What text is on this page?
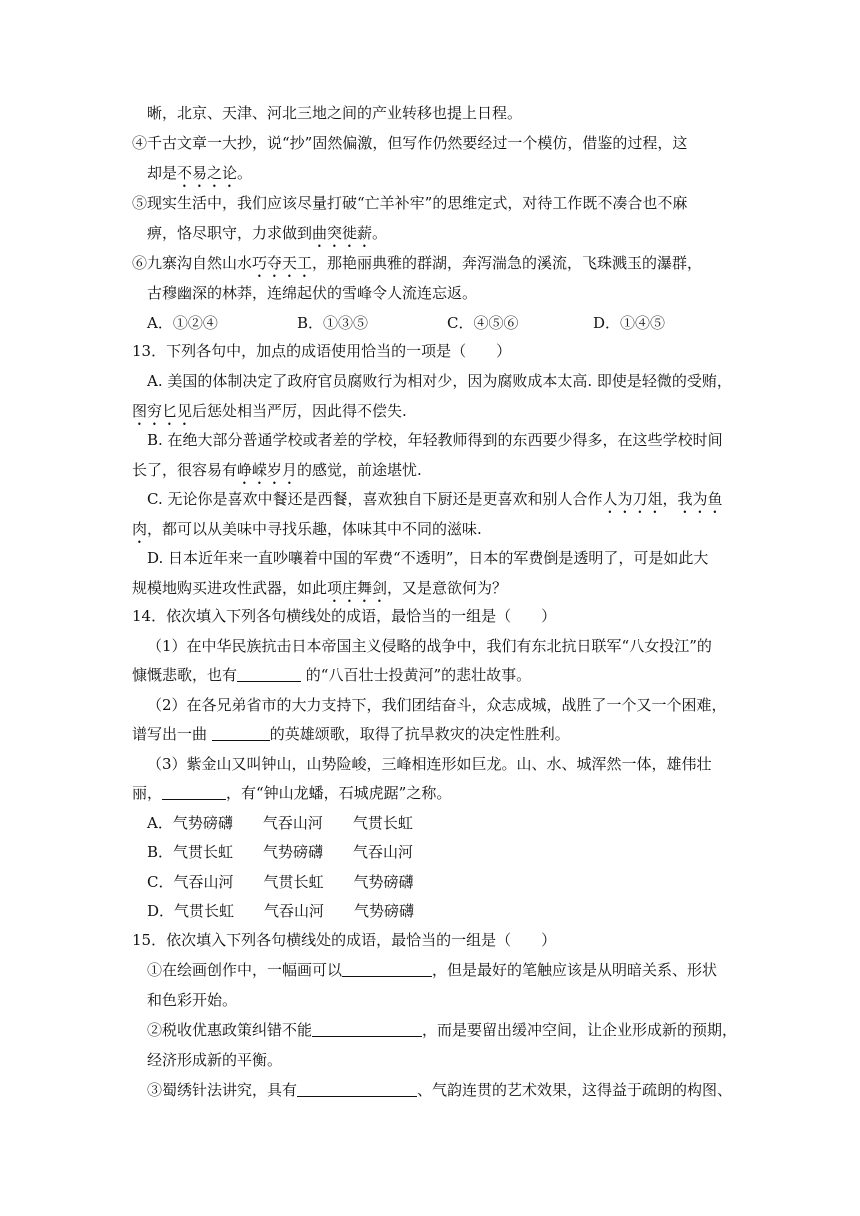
晰，北京、天津、河北三地之间的产业转移也提上日程。
④千古文章一大抄，说“抄”固然偏激，但写作仍然要经过一个模仿，借鉴的过程，这
却是不易之论。
⑤现实生活中，我们应该尽量打破“亡羊补牢”的思维定式，对待工作既不凑合也不麻
痹，恪尽职守，力求做到曲突徙薪。
⑥九寨沟自然山水巧夺天工，那艳丽典雅的群湖，奔泻湍急的溪流，飞珠溅玉的瀑群，
古穆幽深的林莽，连绵起伏的雪峰令人流连忘返。
A．①②④	B．①③⑤	C．④⑤⑥	D．①④⑤
13．下列各句中，加点的成语使用恰当的一项是（　　）
A. 美国的体制决定了政府官员腐败行为相对少，因为腐败成本太高. 即使是轻微的受贿，
图穷匕见后惩处相当严厉，因此得不偿失.
B. 在绝大部分普通学校或者差的学校，年轻教师得到的东西要少得多，在这些学校时间
长了，很容易有峥嵘岁月的感觉，前途堪忧.
C. 无论你是喜欢中餐还是西餐，喜欢独自下厨还是更喜欢和别人合作人为刀俎，我为鱼
肉，都可以从美味中寻找乐趣，体味其中不同的滋味.
D. 日本近年来一直吵嚷着中国的军费“不透明”，日本的军费倒是透明了，可是如此大
规模地购买进攻性武器，如此项庄舞剑，又是意欲何为？
14．依次填入下列各句横线处的成语，最恰当的一组是（　　）
（1）在中华民族抗击日本帝国主义侵略的战争中，我们有东北抗日联军“八女投江”的
慷慨悲歌，也有	的“八百壮士投黄河”的悲壮故事。
（2）在各兄弟省市的大力支持下，我们团结奋斗，众志成城，战胜了一个又一个困难，
谱写出一曲	的英雄颂歌，取得了抗旱救灾的决定性胜利。
（3）紫金山又叫钟山，山势险峻，三峰相连形如巨龙。山、水、城浑然一体，雄伟壮
丽，	，有“钟山龙蟠，石城虎踞”之称。
A．气势磅礴　　气吞山河　　气贯长虹
B．气贯长虹　　气势磅礴　　气吞山河
C．气吞山河　　气贯长虹　　气势磅礴
D．气贯长虹　　气吞山河　　气势磅礴
15．依次填入下列各句横线处的成语，最恰当的一组是（　　）
①在绘画创作中，一幅画可以	，但是最好的笔触应该是从明暗关系、形状
和色彩开始。
②税收优惠政策纠错不能	，而是要留出缓冲空间，让企业形成新的预期，
经济形成新的平衡。
③蜀绣针法讲究，具有	、气韵连贯的艺术效果，这得益于疏朗的构图、
